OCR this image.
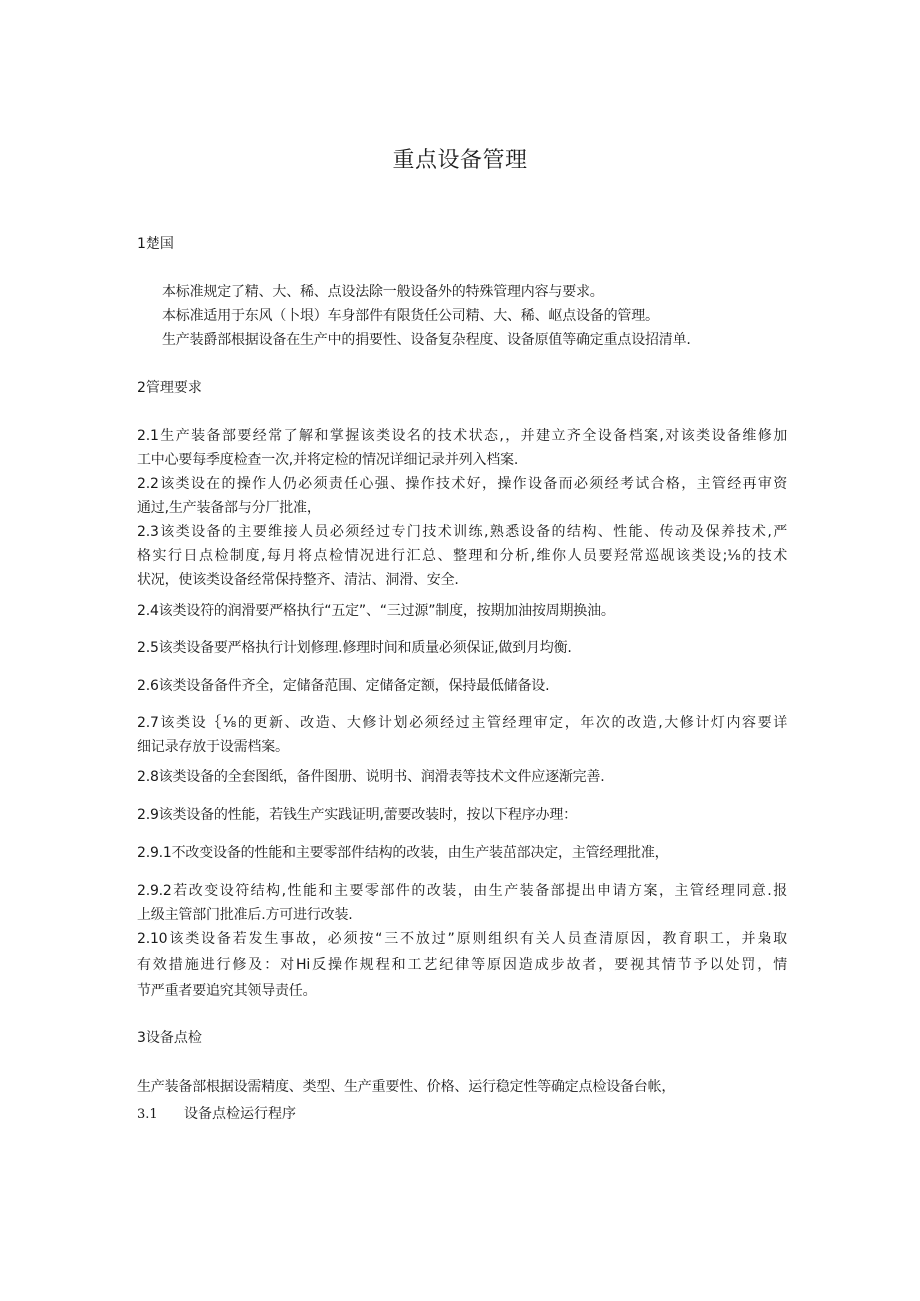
重点设备管理
1楚国
本标准规定了精、大、稀、点设法除一般设备外的特殊管理内容与要求。
本标准适用于东风（卜垠）车身部件有限货任公司精、大、稀、岖点设备的管理。
生产装爵部根据设备在生产中的捐要性、设备复杂程度、设备原值等确定重点设招清单.
2管理要求
2.1生产装备部要经常了解和掌握该类设名的技术状态,，并建立齐全设备档案,对该类设备维修加
工中心要每季度检查一次,并将定检的情况详细记录并列入档案.
2.2该类设在的操作人仍必须责任心强、操作技术好，操作设备而必须经考试合格，主管经再审资
通过,生产装备部与分厂批准，
2.3该类设备的主要维接人员必须经过专门技术训练,熟悉设备的结构、性能、传动及保养技术,严
格实行日点检制度,每月将点检情况进行汇总、整理和分析,维你人员要羟常巡觇该类设;⅛的技术
状况，使该类设备经常保持整齐、清沽、洞滑、安全.
2.4该类设符的润滑要严格执行“五定”、“三过源”制度，按期加油按周期换油。
2.5该类设备要严格执行计划修理.修理时间和质量必须保证,做到月均衡.
2.6该类设备备件齐全，定储备范围、定储备定额，保持最低储备设.
2.7该类设｛⅛的更新、改造、大修计划必须经过主管经理审定，年次的改造,大修计灯内容要详
细记录存放于设需档案。
2.8该类设备的全套图纸，备件图册、说明书、润滑表等技术文件应逐渐完善.
2.9该类设备的性能，若钱生产实践证明,蕾要改装时，按以下程序办理：
2.9.1不改变设备的性能和主要零部件结构的改装，由生产装茁部决定，主管经理批准，
2.9.2若改变设符结构,性能和主要零部件的改装，由生产装备部提出申请方案，主管经理同意.报
上级主管部门批准后.方可进行改装.
2.10该类设备若发生事故，必须按“三不放过”原则组织有关人员查清原因，教育职工，并枭取
有效措施进行修及：对Hi反操作规程和工艺纪律等原因造成步故者，要视其情节予以处罚，情
节严重者要追究其领导责任。
3设备点检
生产装备部根据设需精度、类型、生产重要性、价格、运行稳定性等确定点检设备台帐，
3.1 设备点检运行程序
